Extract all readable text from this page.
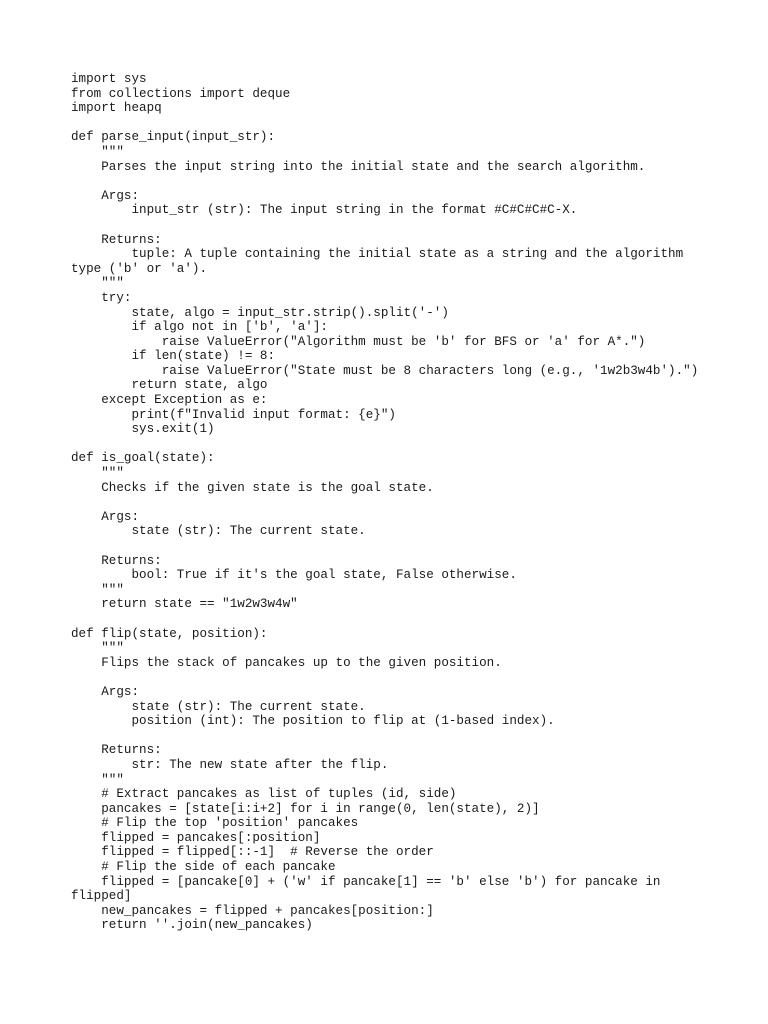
import sys
from collections import deque
import heapq
def parse_input(input_str):
"""
Parses the input string into the initial state and the search algorithm.
Args:
input_str (str): The input string in the format #C#C#C#C-X.
Returns:
tuple: A tuple containing the initial state as a string and the algorithm
type ('b' or 'a').
"""
try:
state, algo = input_str.strip().split('-')
if algo not in ['b', 'a']:
raise ValueError("Algorithm must be 'b' for BFS or 'a' for A*.")
if len(state) != 8:
raise ValueError("State must be 8 characters long (e.g., '1w2b3w4b').")
return state, algo
except Exception as e:
print(f"Invalid input format: {e}")
sys.exit(1)
def is_goal(state):
"""
Checks if the given state is the goal state.
Args:
state (str): The current state.
Returns:
bool: True if it's the goal state, False otherwise.
"""
return state == "1w2w3w4w"
def flip(state, position):
"""
Flips the stack of pancakes up to the given position.
Args:
state (str): The current state.
position (int): The position to flip at (1-based index).
Returns:
str: The new state after the flip.
"""
# Extract pancakes as list of tuples (id, side)
pancakes = [state[i:i+2] for i in range(0, len(state), 2)]
# Flip the top 'position' pancakes
flipped = pancakes[:position]
flipped = flipped[::-1]  # Reverse the order
# Flip the side of each pancake
flipped = [pancake[0] + ('w' if pancake[1] == 'b' else 'b') for pancake in
flipped]
new_pancakes = flipped + pancakes[position:]
return ''.join(new_pancakes)
